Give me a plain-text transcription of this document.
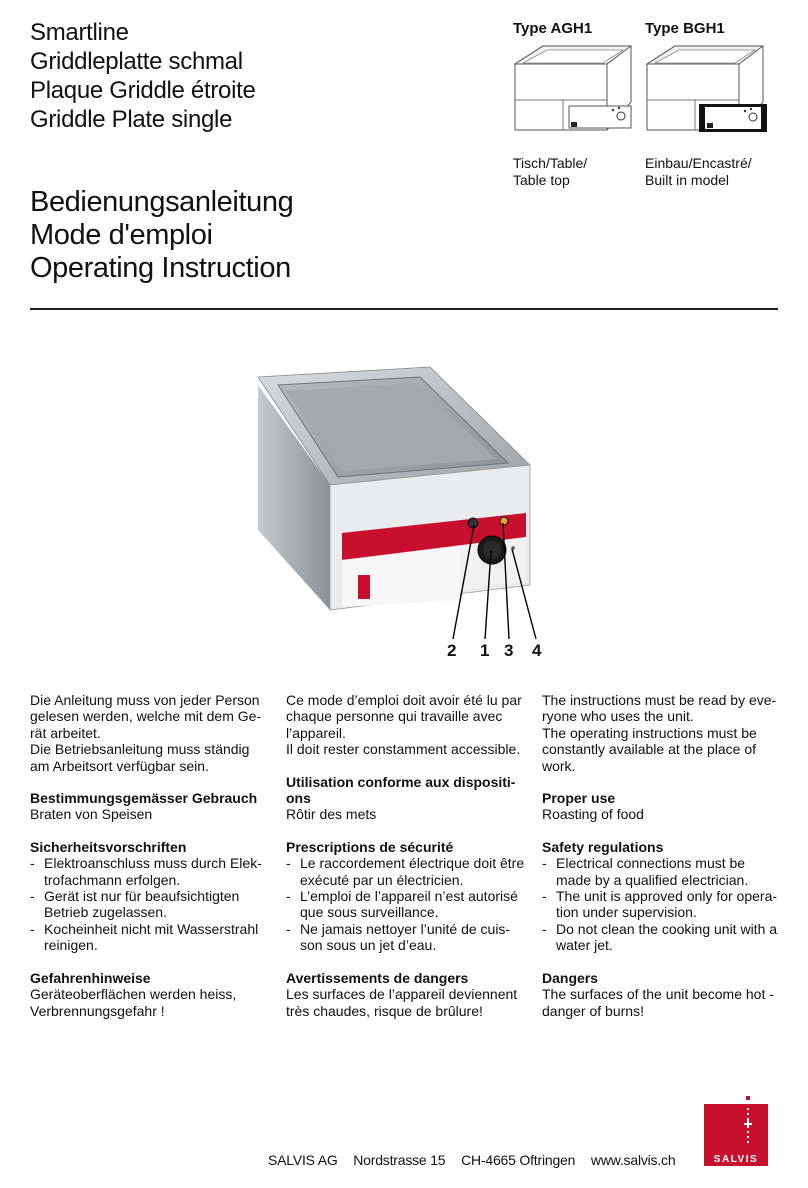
Smartline
Griddleplatte schmal
Plaque Griddle étroite
Griddle Plate single
Bedienungsanleitung
Mode d'emploi
Operating Instruction
Type AGH1
Tisch/Table/
Table top
Type BGH1
Einbau/Encastré/
Built in model
2 1 3 4

Die Anleitung muss von jeder Person

gelesen werden, welche mit dem Ge-

rät arbeitet.

Die Betriebsanleitung muss ständig

am Arbeitsort verfügbar sein.

Bestimmungsgemässer Gebrauch

Braten von Speisen

Sicherheitsvorschriften
- Elektroanschluss muss durch Elek-trofachmann erfolgen.
- Gerät ist nur für beaufsichtigten Betrieb zugelassen.
- Kocheinheit nicht mit Wasserstrahl reinigen.
Gefahrenhinweise

Geräteoberflächen werden heiss,

Verbrennungsgefahr !

Ce mode d’emploi doit avoir été lu par

chaque personne qui travaille avec

l’appareil.

Il doit rester constamment accessible.

Utilisation conforme aux dispositi-ons

Rôtir des mets

Prescriptions de sécurité
- Le raccordement électrique doit être exécuté par un électricien.
- L’emploi de l’appareil n’est autorisé que sous surveillance.
- Ne jamais nettoyer l’unité de cuis-son sous un jet d’eau.
Avertissements de dangers

Les surfaces de l’appareil deviennent

très chaudes, risque de brûlure!

The instructions must be read by eve-

ryone who uses the unit.

The operating instructions must be

constantly available at the place of

work.

Proper use

Roasting of food

Safety regulations
- Electrical connections must be made by a qualified electrician.
- The unit is approved only for opera-tion under supervision.
- Do not clean the cooking unit with a water jet.
Dangers

The surfaces of the unit become hot -

danger of burns!

SALVIS AG Nordstrasse 15 CH-4665 Oftringen www.salvis.ch	SALVIS
